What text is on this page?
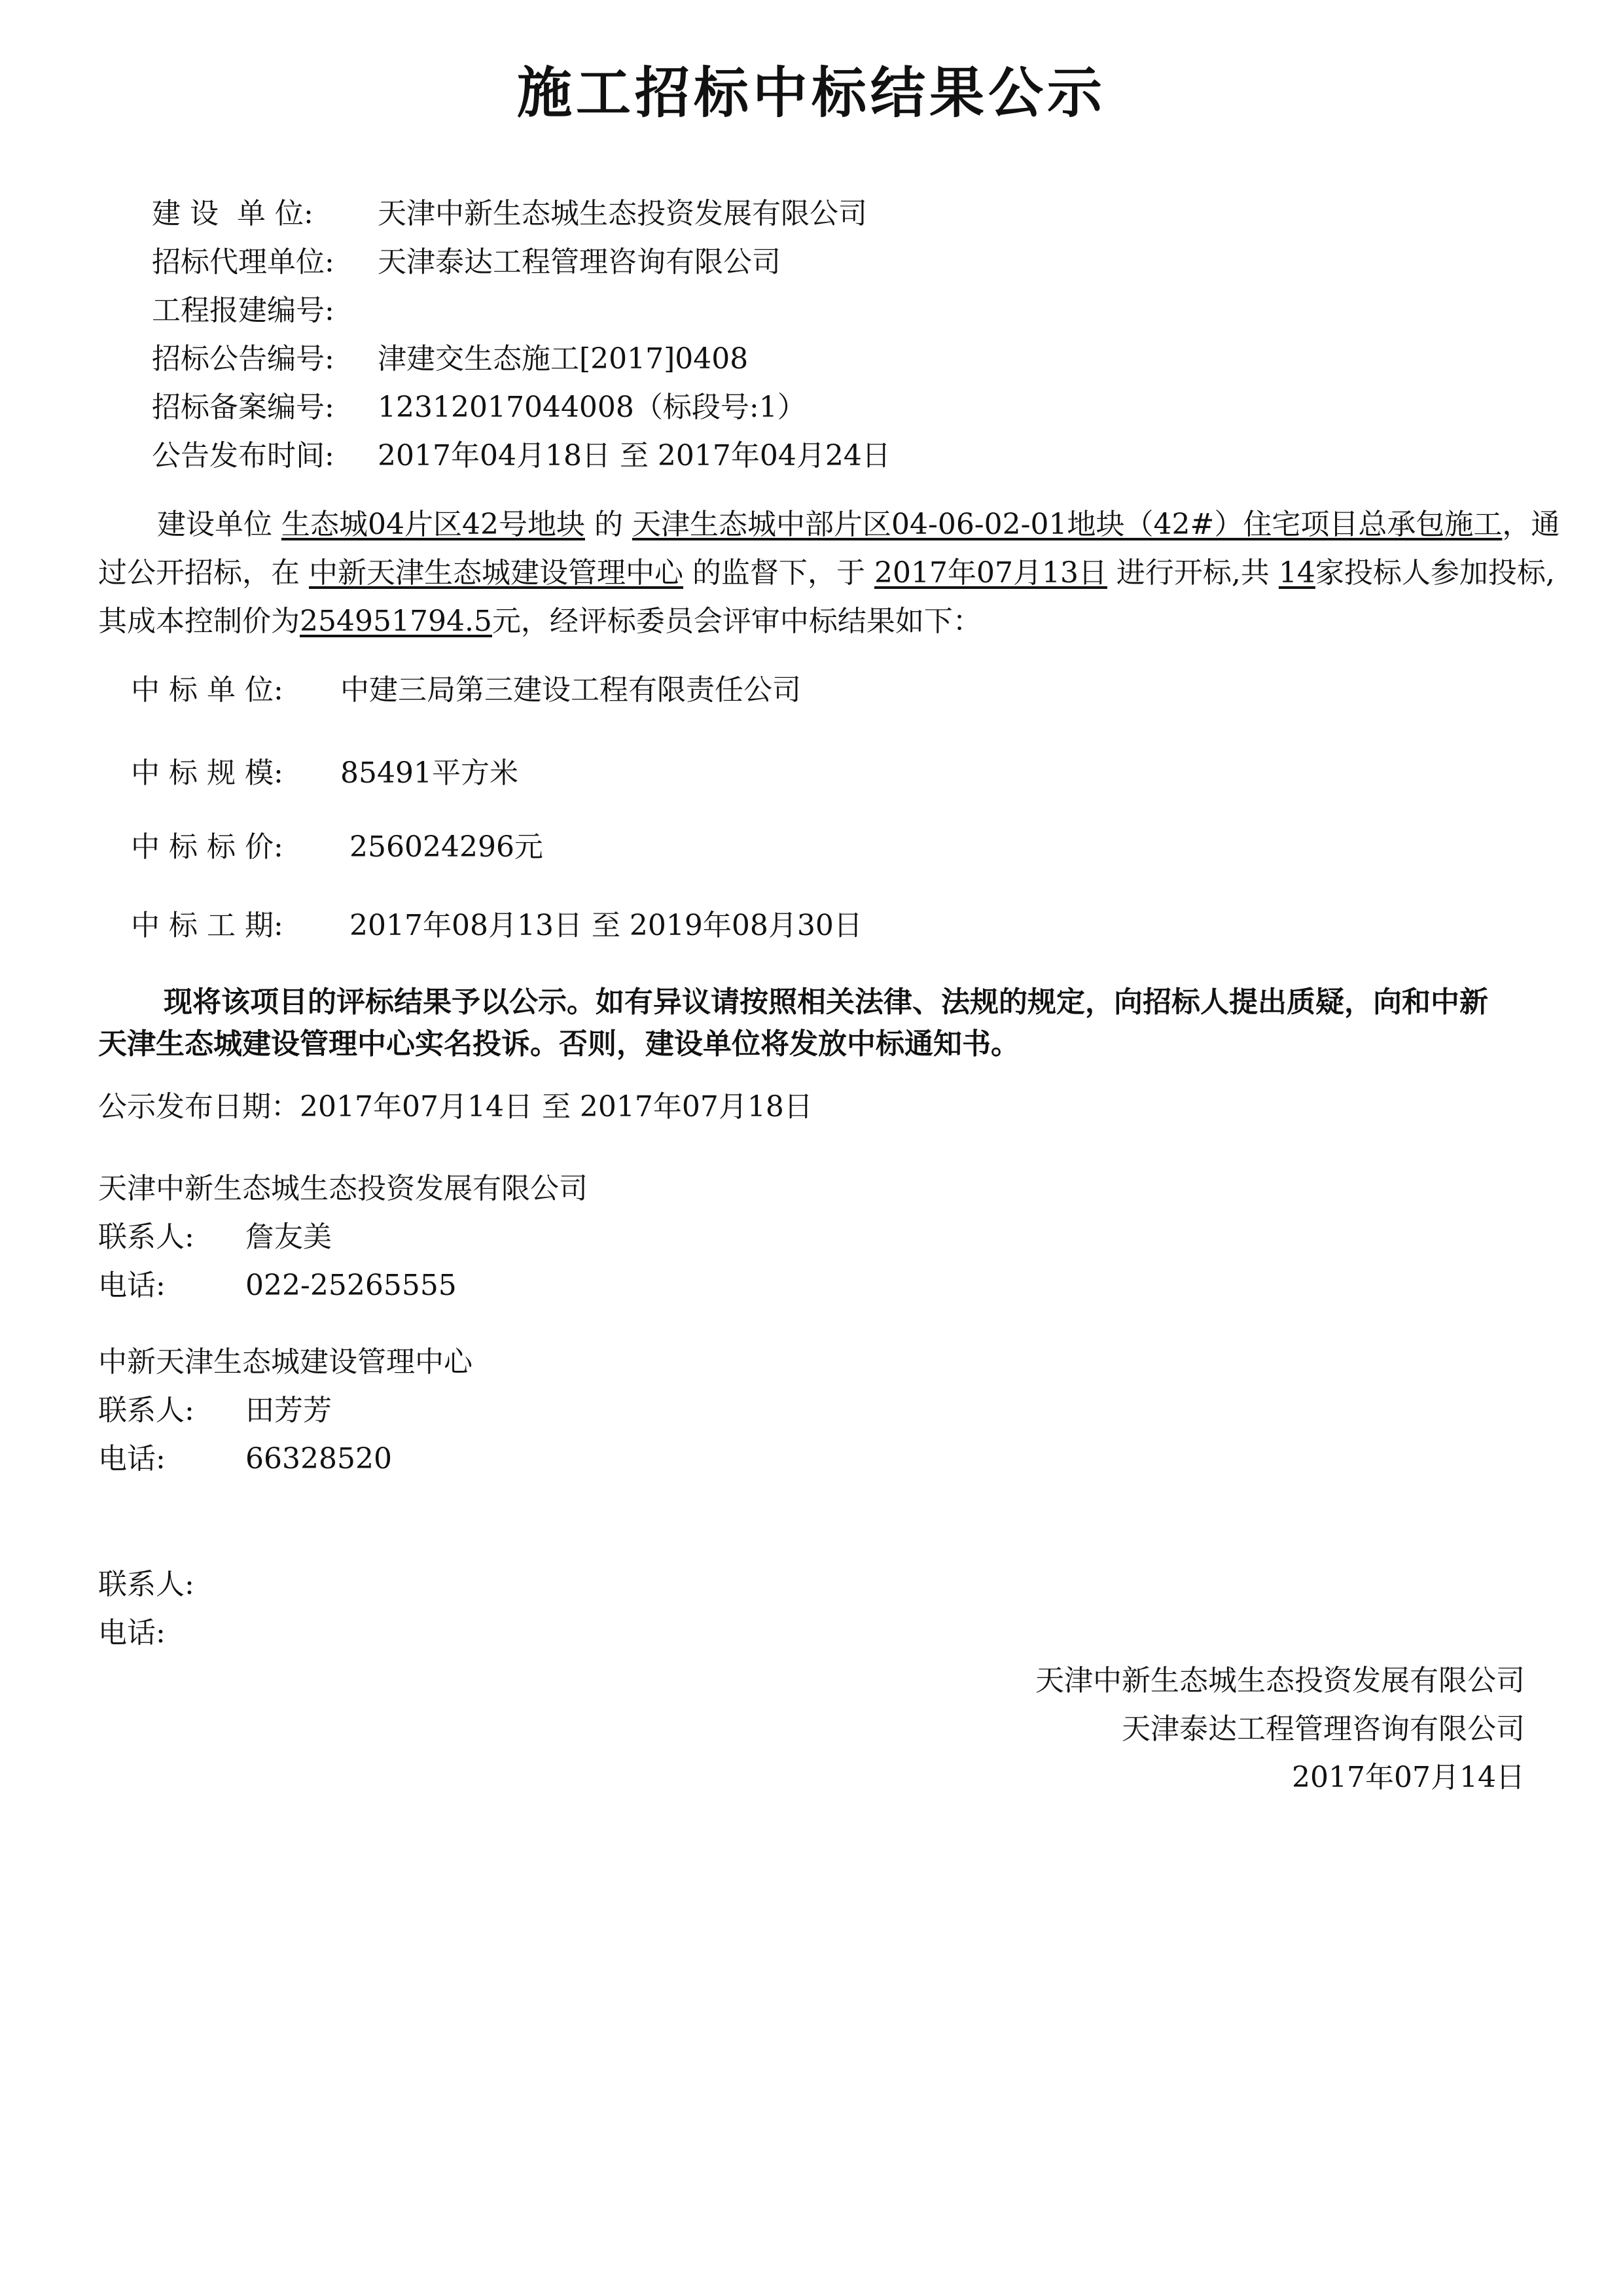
施工招标中标结果公示
建 设  单 位: 天津中新生态城生态投资发展有限公司
招标代理单位: 天津泰达工程管理咨询有限公司
工程报建编号:
招标公告编号: 津建交生态施工[2017]0408
招标备案编号: 12312017044008（标段号:1）
公告发布时间: 2017年04月18日 至 2017年04月24日
建设单位 生态城04片区42号地块 的 天津生态城中部片区04-06-02-01地块（42#）住宅项目总承包施工，通过公开招标，在 中新天津生态城建设管理中心 的监督下，于 2017年07月13日 进行开标,共 14家投标人参加投标,其成本控制价为254951794.5元，经评标委员会评审中标结果如下：
中 标 单 位: 中建三局第三建设工程有限责任公司
中 标 规 模: 85491平方米
中 标 标 价: 256024296元
中 标 工 期: 2017年08月13日 至 2019年08月30日
现将该项目的评标结果予以公示。如有异议请按照相关法律、法规的规定，向招标人提出质疑，向和中新天津生态城建设管理中心实名投诉。否则，建设单位将发放中标通知书。
公示发布日期：2017年07月14日 至 2017年07月18日
天津中新生态城生态投资发展有限公司
联系人: 詹友美
电话:	022-25265555
中新天津生态城建设管理中心
联系人: 田芳芳
电话:	66328520
联系人:
电话:
天津中新生态城生态投资发展有限公司
天津泰达工程管理咨询有限公司
2017年07月14日
